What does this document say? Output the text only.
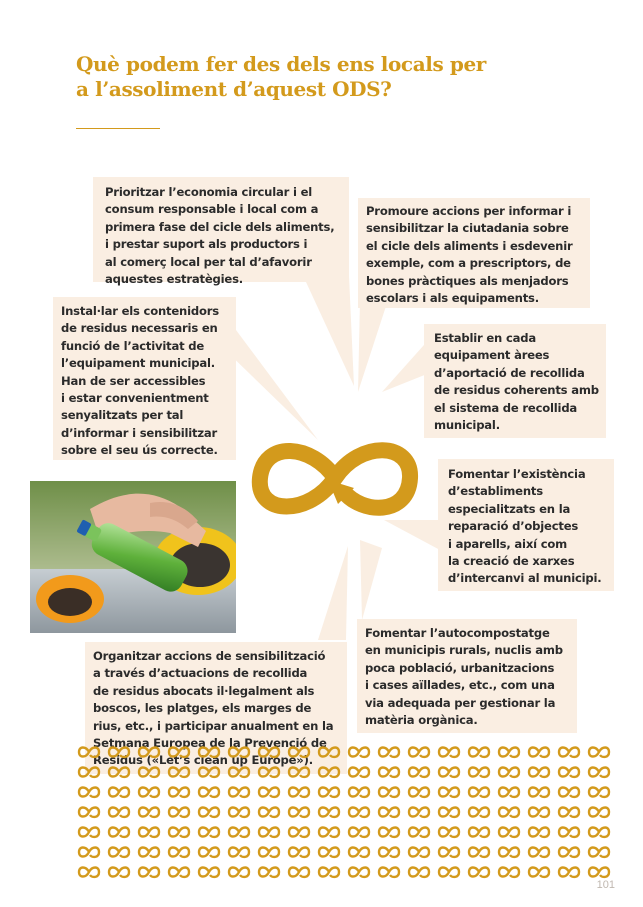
Què podem fer des dels ens locals per a l’assoliment d’aquest ODS?
Prioritzar l’economia circular i el
consum responsable i local com a
primera fase del cicle dels aliments,
i prestar suport als productors i
al comerç local per tal d’afavorir
aquestes estratègies.
Promoure accions per informar i
sensibilitzar la ciutadania sobre
el cicle dels aliments i esdevenir
exemple, com a prescriptors, de
bones pràctiques als menjadors
escolars i als equipaments.
Instal·lar els contenidors
de residus necessaris en
funció de l’activitat de
l’equipament municipal.
Han de ser accessibles
i estar convenientment
senyalitzats per tal
d’informar i sensibilitzar
sobre el seu ús correcte.
Establir en cada
equipament àrees
d’aportació de recollida
de residus coherents amb
el sistema de recollida
municipal.
Fomentar l’existència
d’establiments
especialitzats en la
reparació d’objectes
i aparells, així com
la creació de xarxes
d’intercanvi al municipi.
Fomentar l’autocompostatge
en municipis rurals, nuclis amb
poca població, urbanitzacions
i cases aïllades, etc., com una
via adequada per gestionar la
matèria orgànica.
Organitzar accions de sensibilització
a través d’actuacions de recollida
de residus abocats il·legalment als
boscos, les platges, els marges de
rius, etc., i participar anualment en la

101
